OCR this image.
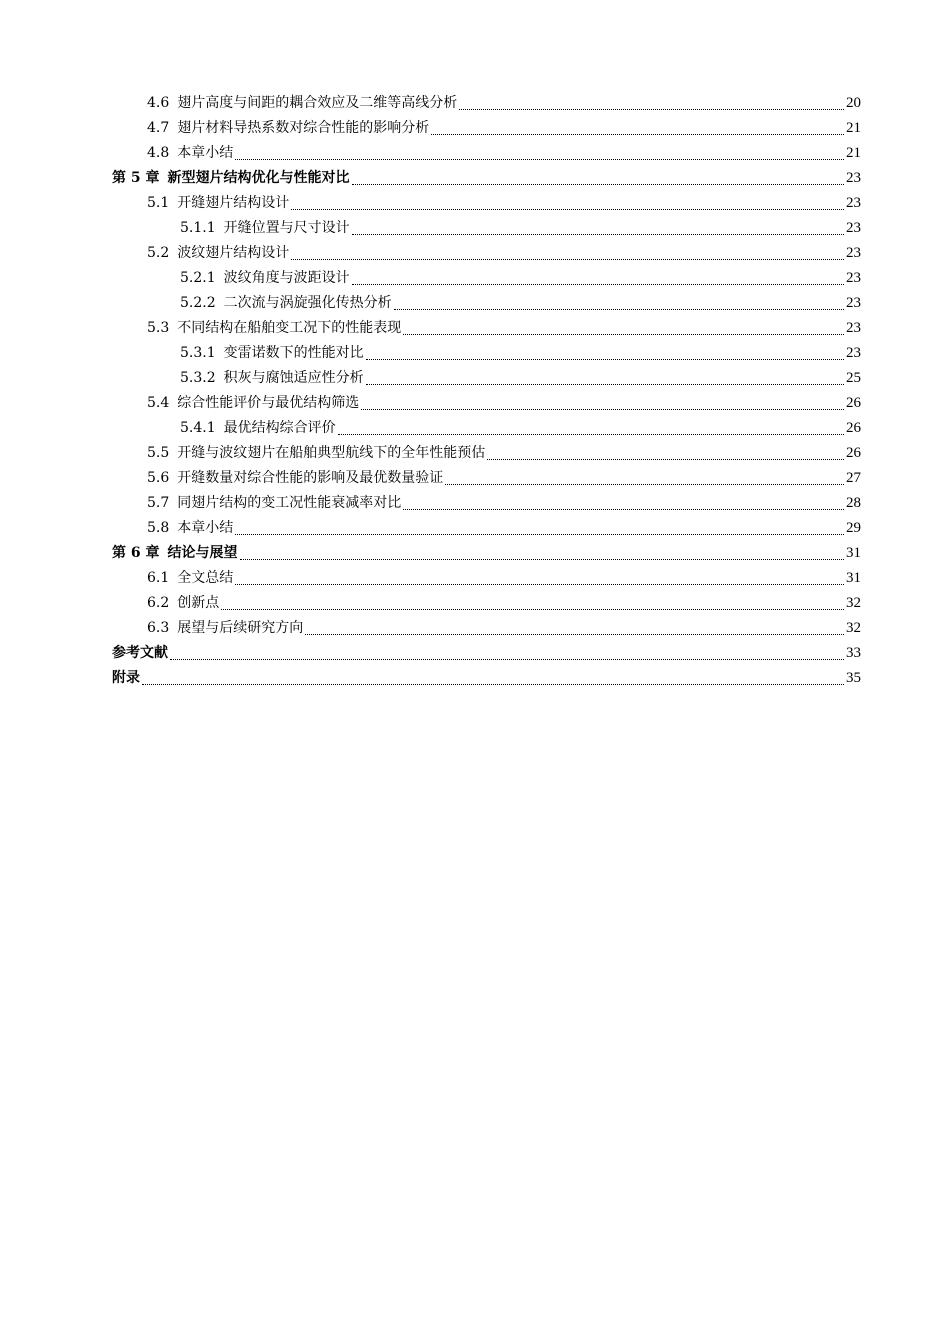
4.6 翅片高度与间距的耦合效应及二维等高线分析	20
4.7 翅片材料导热系数对综合性能的影响分析	21
4.8 本章小结	21
第 5 章 新型翅片结构优化与性能对比	23
5.1 开缝翅片结构设计	23
5.1.1 开缝位置与尺寸设计	23
5.2 波纹翅片结构设计	23
5.2.1 波纹角度与波距设计	23
5.2.2 二次流与涡旋强化传热分析	23
5.3 不同结构在船舶变工况下的性能表现	23
5.3.1 变雷诺数下的性能对比	23
5.3.2 积灰与腐蚀适应性分析	25
5.4 综合性能评价与最优结构筛选	26
5.4.1 最优结构综合评价	26
5.5 开缝与波纹翅片在船舶典型航线下的全年性能预估	26
5.6 开缝数量对综合性能的影响及最优数量验证	27
5.7 同翅片结构的变工况性能衰减率对比	28
5.8 本章小结	29
第 6 章 结论与展望	31
6.1 全文总结	31
6.2 创新点	32
6.3 展望与后续研究方向	32
参考文献	33
附录	35
